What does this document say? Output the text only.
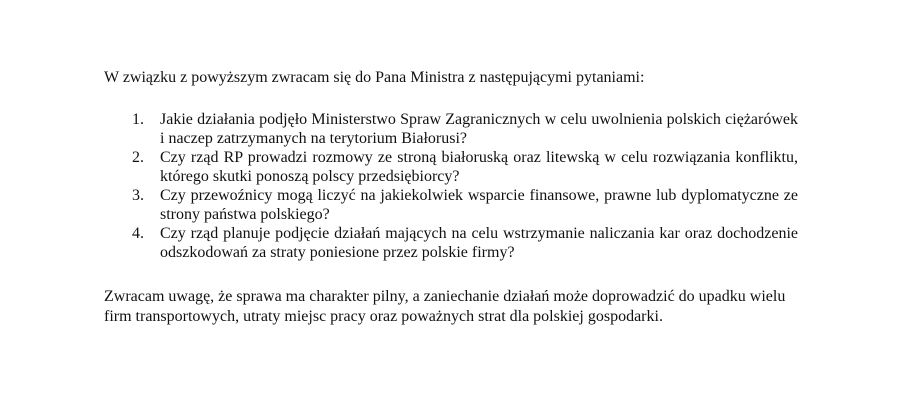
W związku z powyższym zwracam się do Pana Ministra z następującymi pytaniami:

1. Jakie działania podjęło Ministerstwo Spraw Zagranicznych w celu uwolnienia polskich ciężarówek i naczep zatrzymanych na terytorium Białorusi?
2. Czy rząd RP prowadzi rozmowy ze stroną białoruską oraz litewską w celu rozwiązania konfliktu, którego skutki ponoszą polscy przedsiębiorcy?
3. Czy przewoźnicy mogą liczyć na jakiekolwiek wsparcie finansowe, prawne lub dyplomatyczne ze strony państwa polskiego?
4. Czy rząd planuje podjęcie działań mających na celu wstrzymanie naliczania kar oraz dochodzenie odszkodowań za straty poniesione przez polskie firmy?

Zwracam uwagę, że sprawa ma charakter pilny, a zaniechanie działań może doprowadzić do upadku wielu firm transportowych, utraty miejsc pracy oraz poważnych strat dla polskiej gospodarki.
